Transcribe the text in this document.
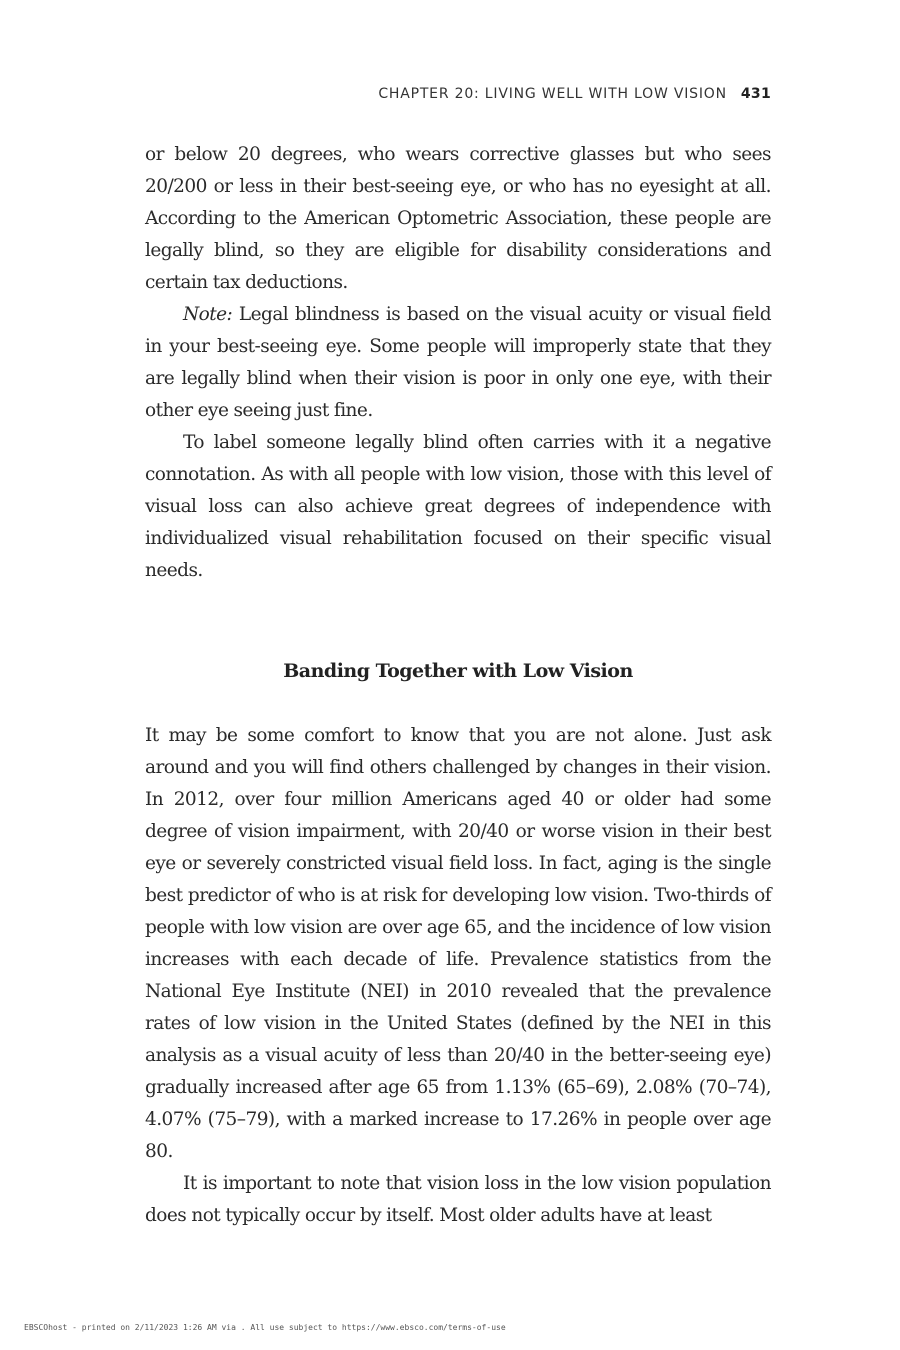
CHAPTER 20: LIVING WELL WITH LOW VISION 431

or below 20 degrees, who wears corrective glasses but who sees 20/200 or less in their best-seeing eye, or who has no eyesight at all. According to the American Optometric Association, these people are legally blind, so they are eligible for disability considerations and certain tax deductions.

Note: Legal blindness is based on the visual acuity or visual field in your best-seeing eye. Some people will improperly state that they are legally blind when their vision is poor in only one eye, with their other eye seeing just fine.

To label someone legally blind often carries with it a negative connotation. As with all people with low vision, those with this level of visual loss can also achieve great degrees of independence with individualized visual rehabilitation focused on their specific visual needs.

Banding Together with Low Vision

It may be some comfort to know that you are not alone. Just ask around and you will find others challenged by changes in their vision. In 2012, over four million Americans aged 40 or older had some degree of vision impairment, with 20/40 or worse vision in their best eye or severely constricted visual field loss. In fact, aging is the single best predictor of who is at risk for developing low vision. Two-thirds of people with low vision are over age 65, and the incidence of low vision increases with each decade of life. Prevalence statistics from the National Eye Institute (NEI) in 2010 revealed that the prevalence rates of low vision in the United States (defined by the NEI in this analysis as a visual acuity of less than 20/40 in the better-seeing eye) gradually increased after age 65 from 1.13% (65–69), 2.08% (70–74), 4.07% (75–79), with a marked increase to 17.26% in people over age 80.

It is important to note that vision loss in the low vision population does not typically occur by itself. Most older adults have at least

EBSCOhost - printed on 2/11/2023 1:26 AM via . All use subject to https://www.ebsco.com/terms-of-use
